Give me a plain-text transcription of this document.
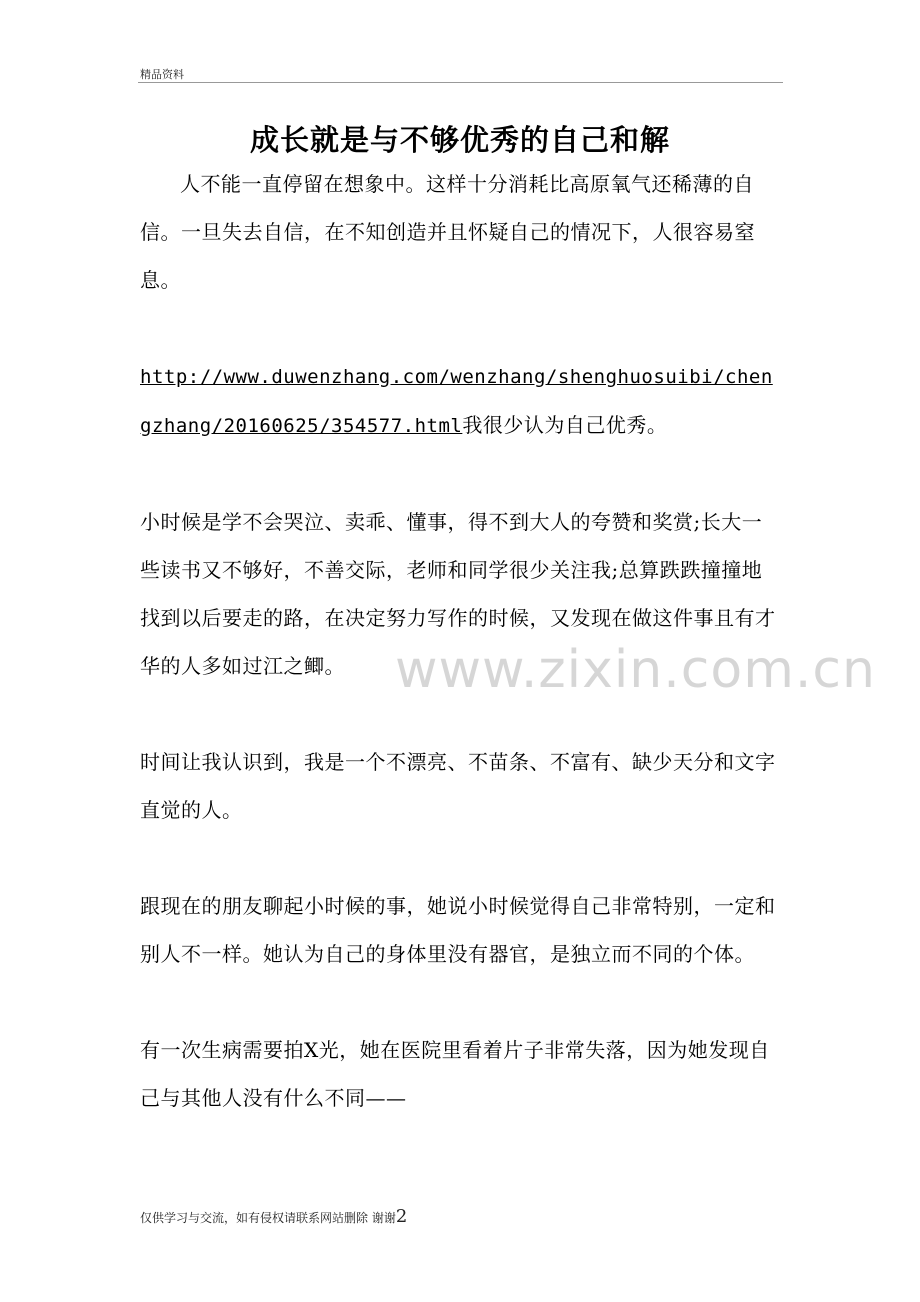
精品资料
成长就是与不够优秀的自己和解

人不能一直停留在想象中。这样十分消耗比高原氧气还稀薄的自信。一旦失去自信，在不知创造并且怀疑自己的情况下，人很容易窒息。

http://www.duwenzhang.com/wenzhang/shenghuosuibi/chengzhang/20160625/354577.html我很少认为自己优秀。

小时候是学不会哭泣、卖乖、懂事，得不到大人的夸赞和奖赏;长大一些读书又不够好，不善交际，老师和同学很少关注我;总算跌跌撞撞地找到以后要走的路，在决定努力写作的时候，又发现在做这件事且有才华的人多如过江之鲫。

时间让我认识到，我是一个不漂亮、不苗条、不富有、缺少天分和文字直觉的人。

跟现在的朋友聊起小时候的事，她说小时候觉得自己非常特别，一定和别人不一样。她认为自己的身体里没有器官，是独立而不同的个体。

有一次生病需要拍X光，她在医院里看着片子非常失落，因为她发现自己与其他人没有什么不同——

www.zixin.com.cn
仅供学习与交流，如有侵权请联系网站删除 谢谢2
